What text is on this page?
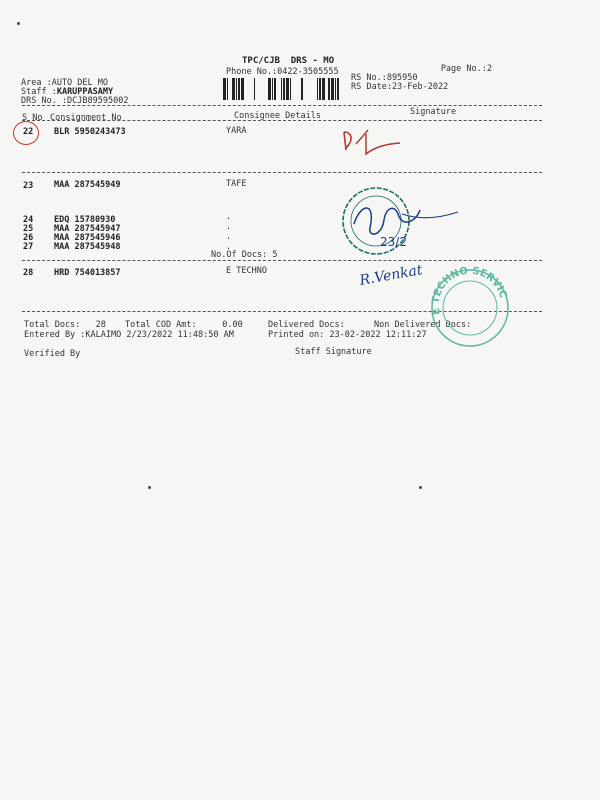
TPC/CJB  DRS - MO
Phone No.:0422-3505555	Page No.:2
Area :AUTO DEL MO
Staff :KARUPPASAMY
DRS No. :DCJB89595002
RS No.:895950
RS Date:23-Feb-2022
Signature
S No Consignment No	Consignee Details
22 BLR 5950243473	YARA
23 MAA 287545949	TAFE
24 EDQ 15780930
25 MAA 287545947
26 MAA 287545946
27 MAA 287545948
.
.
.
.
No.Of Docs: 5
28 HRD 754013857	E TECHNO
Total Docs:   28 Total COD Amt:     0.00	Delivered Docs:	Non Delivered Docs:
Entered By :KALAIMO 2/23/2022 11:48:50 AM	Printed on: 23-02-2022 12:11:27
Verified By	Staff Signature
23/2
R.Venkat
E TECHNO SERVICES
